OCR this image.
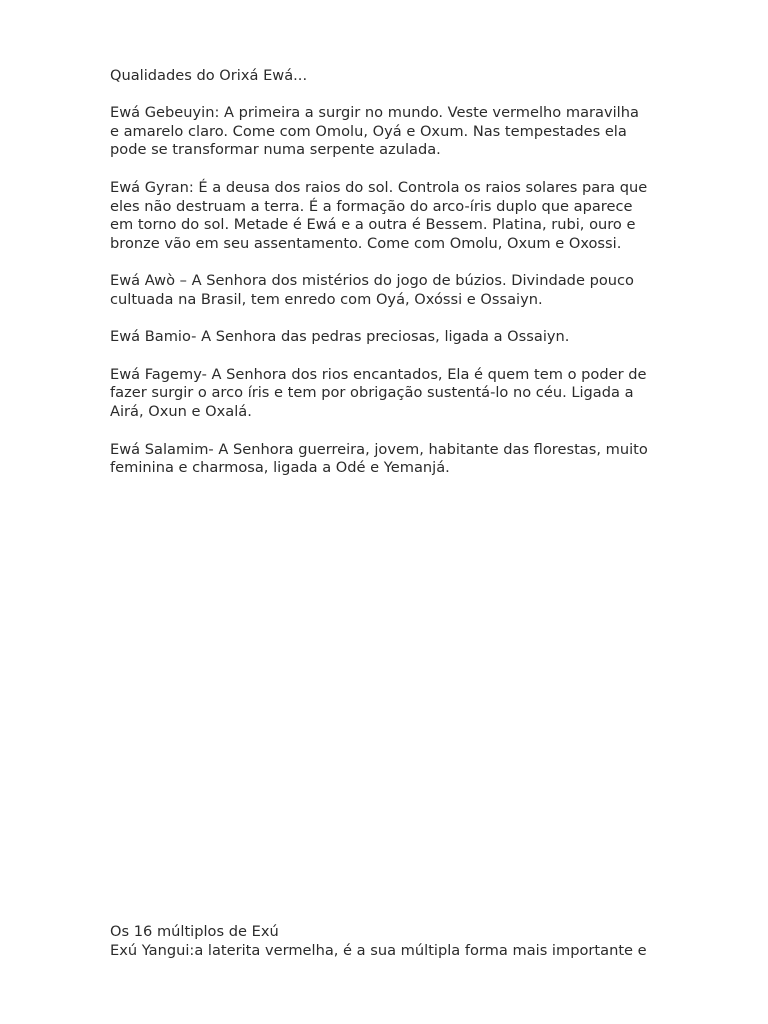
Qualidades do Orixá Ewá...

Ewá Gebeuyin: A primeira a surgir no mundo. Veste vermelho maravilha
e amarelo claro. Come com Omolu, Oyá e Oxum. Nas tempestades ela
pode se transformar numa serpente azulada.

Ewá Gyran: É a deusa dos raios do sol. Controla os raios solares para que
eles não destruam a terra. É a formação do arco-íris duplo que aparece
em torno do sol. Metade é Ewá e a outra é Bessem. Platina, rubi, ouro e
bronze vão em seu assentamento. Come com Omolu, Oxum e Oxossi.

Ewá Awò – A Senhora dos mistérios do jogo de búzios. Divindade pouco
cultuada na Brasil, tem enredo com Oyá, Oxóssi e Ossaiyn.

Ewá Bamio- A Senhora das pedras preciosas, ligada a Ossaiyn.

Ewá Fagemy- A Senhora dos rios encantados, Ela é quem tem o poder de
fazer surgir o arco íris e tem por obrigação sustentá-lo no céu. Ligada a
Airá, Oxun e Oxalá.

Ewá Salamim- A Senhora guerreira, jovem, habitante das florestas, muito
feminina e charmosa, ligada a Odé e Yemanjá.

Os 16 múltiplos de Exú
Exú Yangui:a laterita vermelha, é a sua múltipla forma mais importante e
